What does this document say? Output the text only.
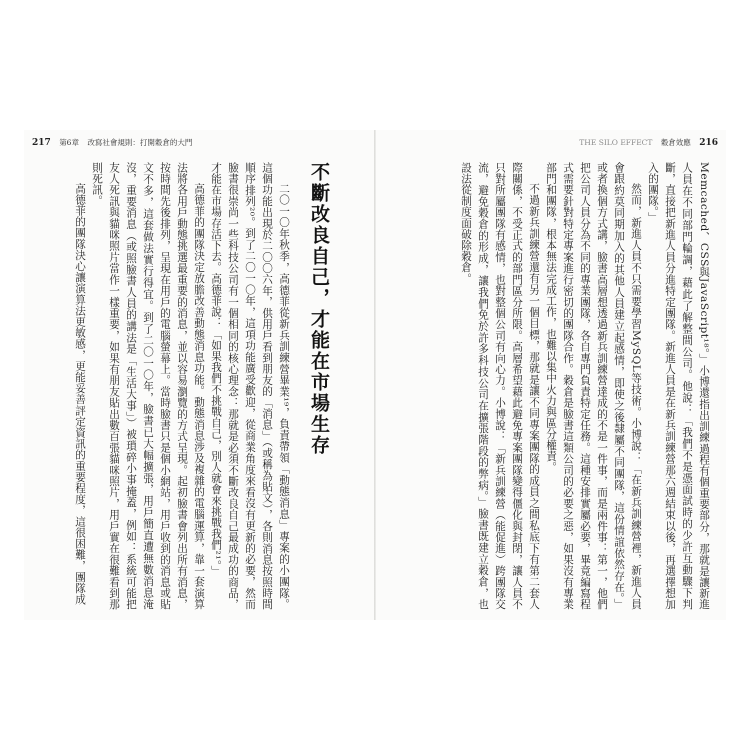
217 第6章 改寫社會規則：打開穀倉的大門	THE SILO EFFECT 穀倉效應 216

Memcached、CSS與JavaScript¹⁸。」小博還指出訓練過程有個重要部分，那就是讓新進人員在不同部門輪調，藉此了解整間公司。他說：「我們不是憑面試時的少許互動驟下判斷，直接把新進人員分進特定團隊。新進人員是在新兵訓練營那六週結束以後，再選擇想加入的團隊。」

然而，新進人員不只需要學習MySQL等技術。小博說：「在新兵訓練營裡，新進人員會跟約莫同期加入的其他人員建立起感情，即使之後隸屬不同團隊，這份情誼依然存在。」或者換個方式講，臉書高層想透過新兵訓練營達成的不是一件事，而是兩件事：第一，他們把公司人員分為不同的專業團隊，各自專門負責特定任務。這種安排實屬必要，畢竟編寫程式需要針對特定專案進行密切的團隊合作。穀倉是臉書這類公司的必要之惡，如果沒有專業部門和團隊，根本無法完成工作，也難以集中火力與區分權責。

不過新兵訓練營還有另一個目標，那就是讓不同專案團隊的成員之間私底下有第二套人際關係，不受正式的部門區分所限。高層希望藉此避免專案團隊變得僵化與封閉，讓人員不只對所屬團隊有感情，也對整個公司有向心力。小博說：「新兵訓練營（能促進）跨團隊交流，避免穀倉的形成，讓我們免於許多科技公司在擴張階段的弊病。」臉書既建立穀倉，也設法從制度面破除穀倉。

不斷改良自己，才能在市場生存

二〇一〇年秋季，高德菲從新兵訓練營畢業¹⁹，負責帶領「動態消息」專案的小團隊。這個功能出現於二〇〇六年，供用戶看到朋友的「消息」（或稱為貼文），各則消息按照時間順序排列²⁰。到了二〇一〇年，這項功能廣受歡迎，從商業角度來看沒有更新的必要，然而臉書很崇尚一些科技公司有一個相同的核心理念：那就是必須不斷改良自己最成功的商品，才能在市場存活下去。高德菲說：「如果我們不挑戰自己，別人就會來挑戰我們²¹。」

高德菲的團隊決定放膽改善動態消息功能。動態消息涉及複雜的電腦運算，靠一套演算法將各用戶動態挑選最重要的消息，並以容易瀏覽的方式呈現。起初臉書會列出所有消息，按時間先後排列，呈現在用戶的電腦螢幕上。當時臉書只是個小網站，用戶收到的消息或貼文不多，這套做法實行得宜。到了二〇一〇年，臉書已大幅擴張，用戶簡直遭無數消息淹沒，重要消息（或照臉書人員的講法是「生活大事」）被瑣碎小事掩蓋，例如：系統可能把友人死訊與貓咪照片當作一樣重要，如果有朋友貼出數百張貓咪照片，用戶實在很難看到那則死訊。

高德菲的團隊決心讓演算法更敏感，更能妥善評定資訊的重要程度，這很困難，團隊成
